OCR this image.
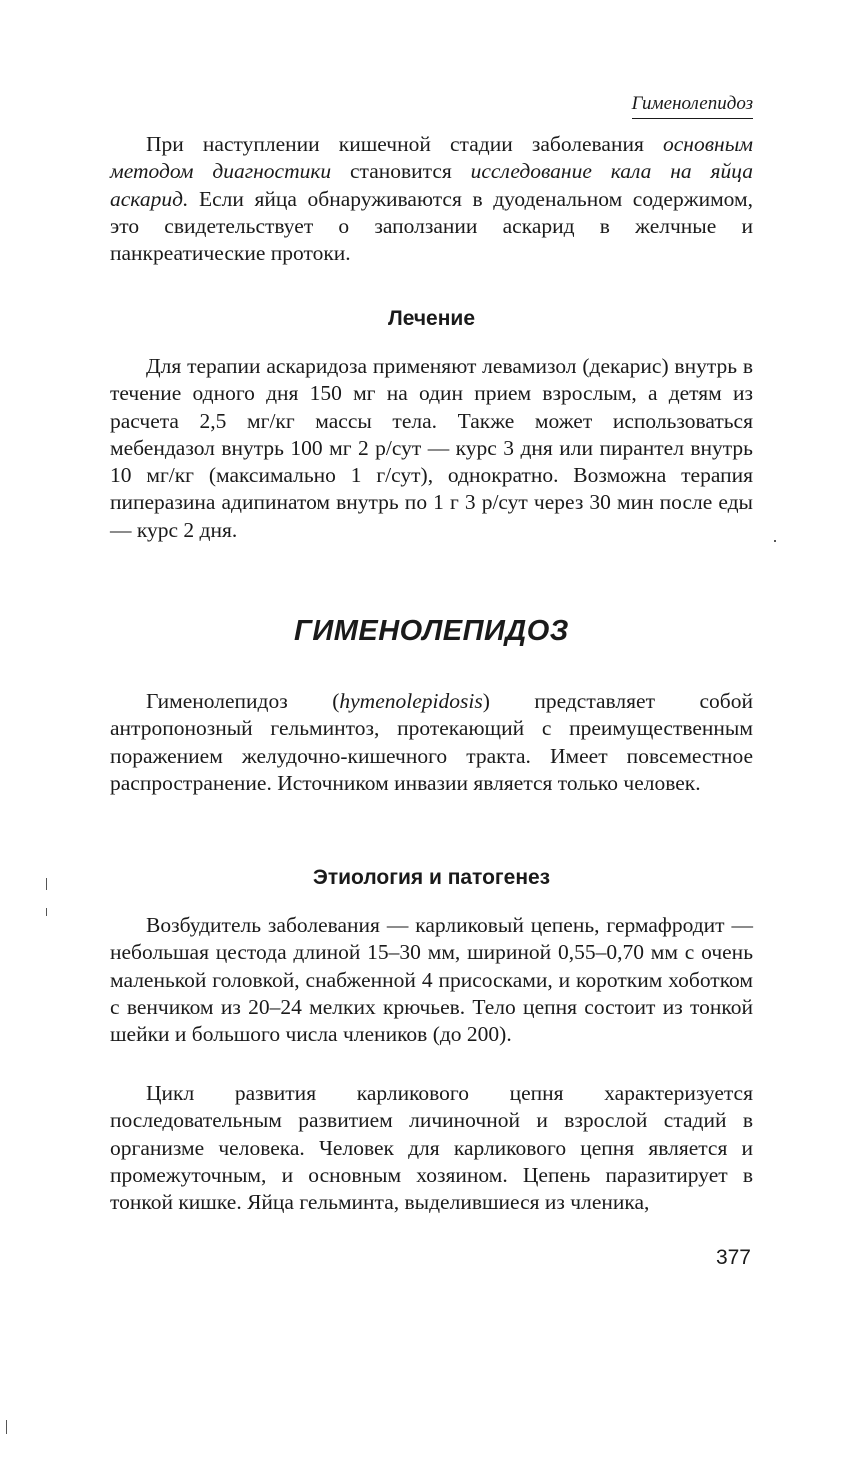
Гименолепидоз

При наступлении кишечной стадии заболевания основным методом диагностики становится исследование кала на яйца аскарид. Если яйца обнаруживаются в дуоденальном содержимом, это свидетельствует о заползании аскарид в желчные и панкреатические протоки.

Лечение

Для терапии аскаридоза применяют левамизол (декарис) внутрь в течение одного дня 150 мг на один прием взрослым, а детям из расчета 2,5 мг/кг массы тела. Также может использоваться мебендазол внутрь 100 мг 2 р/сут — курс 3 дня или пирантел внутрь 10 мг/кг (максимально 1 г/сут), однократно. Возможна терапия пиперазина адипинатом внутрь по 1 г 3 р/сут через 30 мин после еды — курс 2 дня.

ГИМЕНОЛЕПИДОЗ

Гименолепидоз (hymenolepidosis) представляет собой антропонозный гельминтоз, протекающий с преимущественным поражением желудочно-кишечного тракта. Имеет повсеместное распространение. Источником инвазии является только человек.

Этиология и патогенез

Возбудитель заболевания — карликовый цепень, гермафродит — небольшая цестода длиной 15–30 мм, шириной 0,55–0,70 мм с очень маленькой головкой, снабженной 4 присосками, и коротким хоботком с венчиком из 20–24 мелких крючьев. Тело цепня состоит из тонкой шейки и большого числа члеников (до 200).

Цикл развития карликового цепня характеризуется последовательным развитием личиночной и взрослой стадий в организме человека. Человек для карликового цепня является и промежуточным, и основным хозяином. Цепень паразитирует в тонкой кишке. Яйца гельминта, выделившиеся из членика,

377
